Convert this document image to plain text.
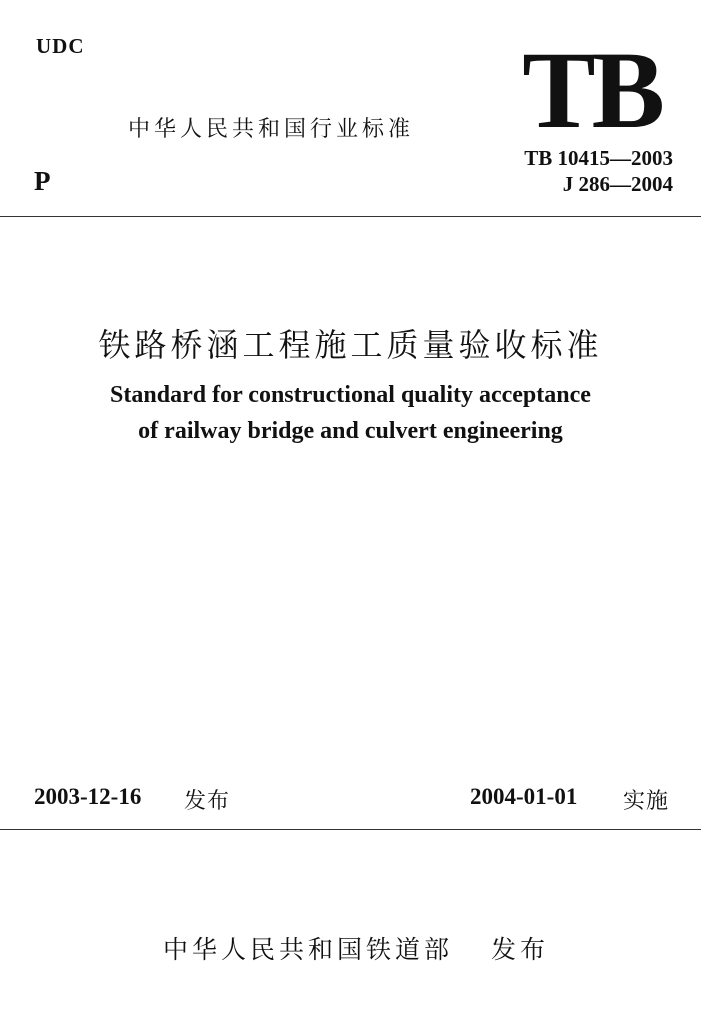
UDC
中华人民共和国行业标准 TB
TB 10415—2003
P	J 286—2004
铁路桥涵工程施工质量验收标准
Standard for constructional quality acceptance
of railway bridge and culvert engineering
2003-12-16 发布	2004-01-01 实施
中华人民共和国铁道部 发布
